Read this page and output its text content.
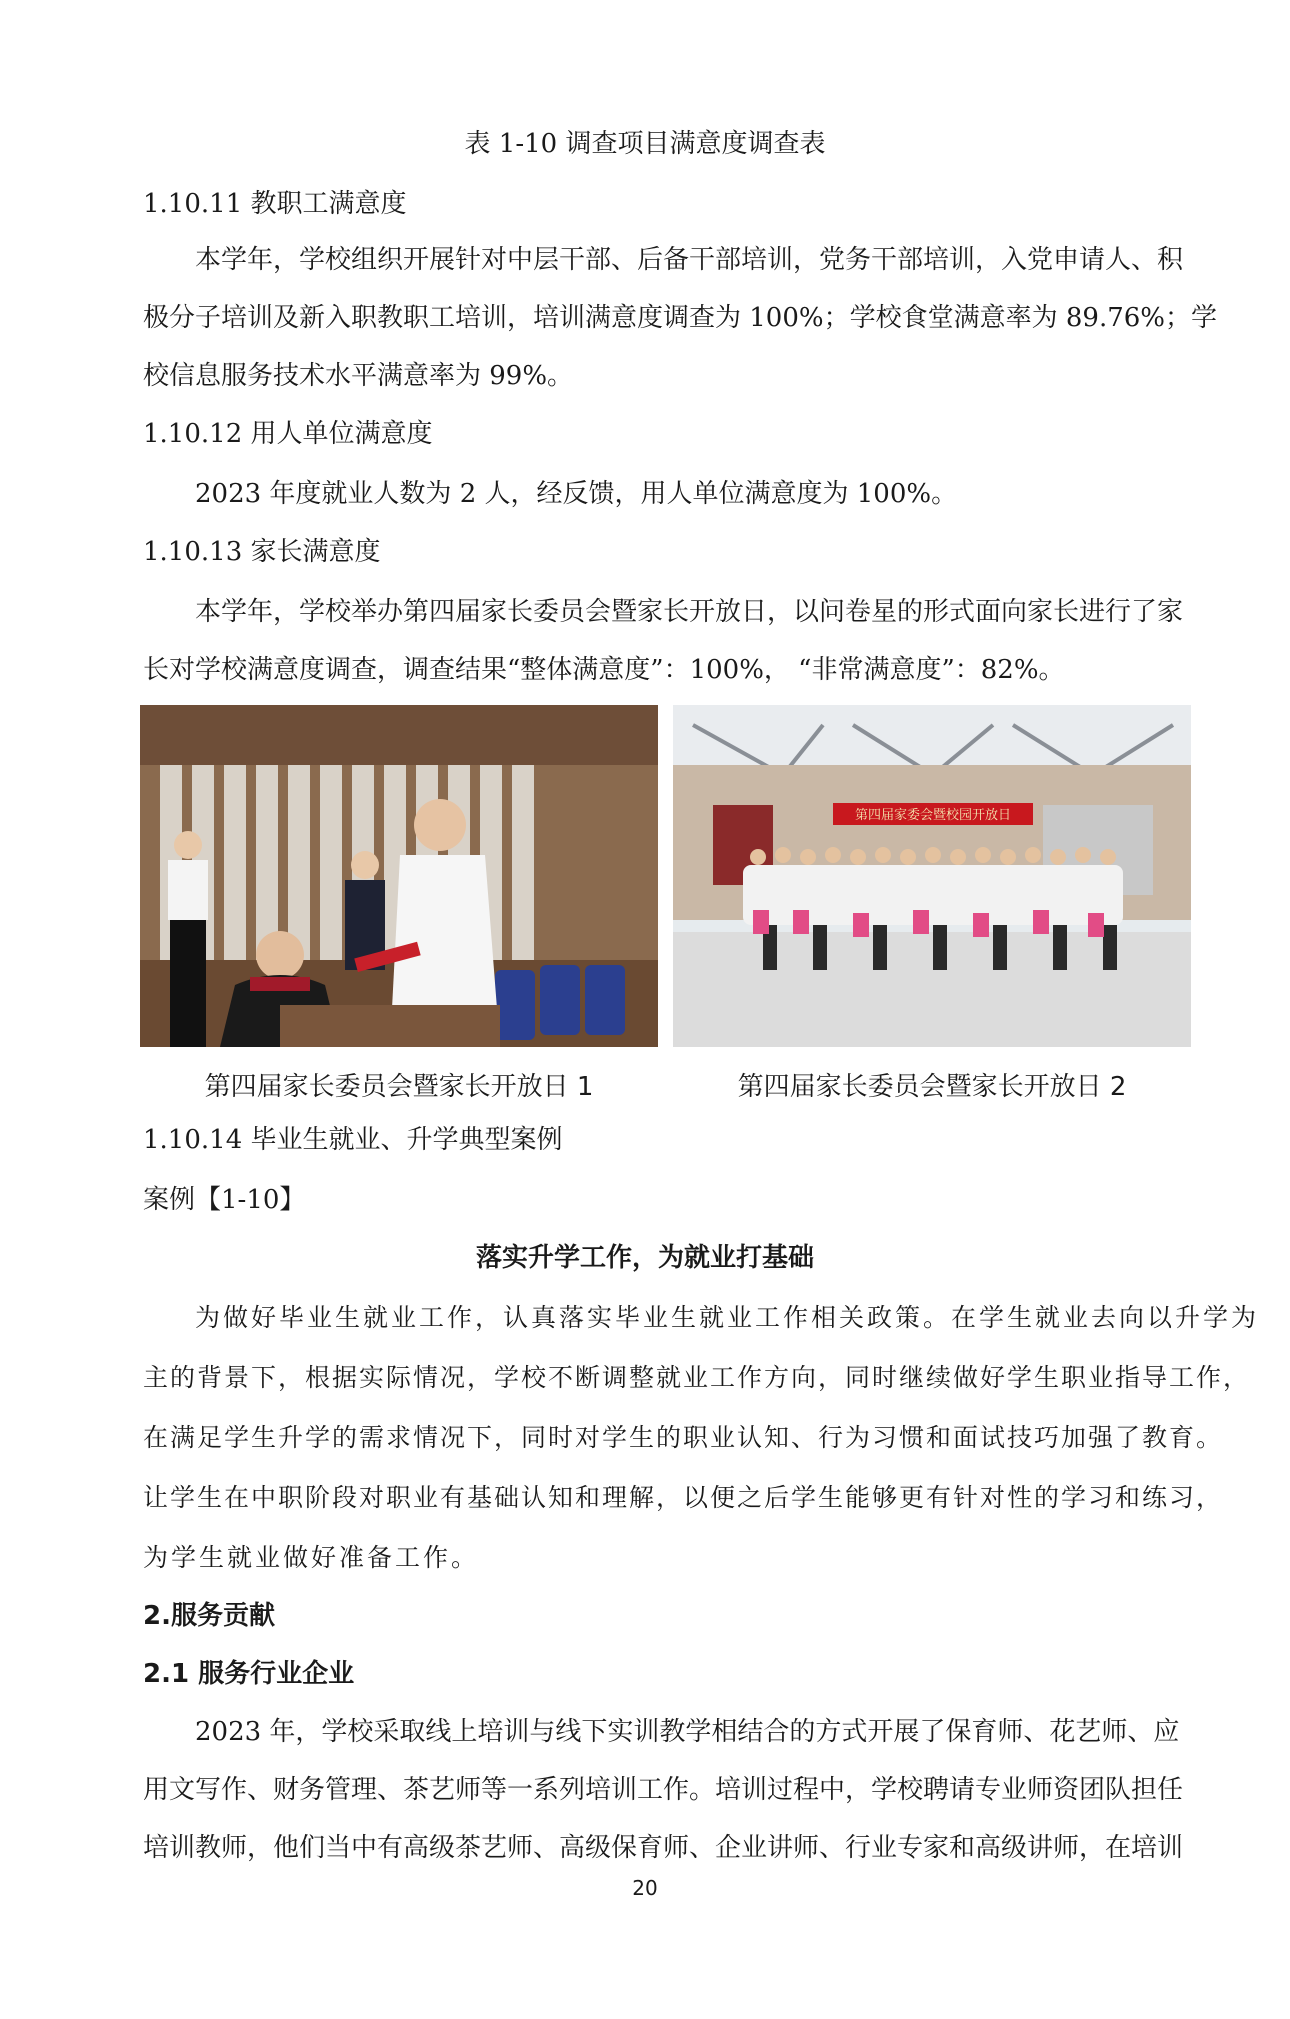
表 1-10 调查项目满意度调查表
1.10.11 教职工满意度
本学年，学校组织开展针对中层干部、后备干部培训，党务干部培训，入党申请人、积
极分子培训及新入职教职工培训，培训满意度调查为 100%；学校食堂满意率为 89.76%；学
校信息服务技术水平满意率为 99%。
1.10.12 用人单位满意度
2023 年度就业人数为 2 人，经反馈，用人单位满意度为 100%。
1.10.13 家长满意度
本学年，学校举办第四届家长委员会暨家长开放日，以问卷星的形式面向家长进行了家
长对学校满意度调查，调查结果“整体满意度”：100%， “非常满意度”：82%。
第四届家委会暨校园开放日
第四届家长委员会暨家长开放日 1	第四届家长委员会暨家长开放日 2
1.10.14 毕业生就业、升学典型案例
案例【1-10】
落实升学工作，为就业打基础
为做好毕业生就业工作，认真落实毕业生就业工作相关政策。在学生就业去向以升学为
主的背景下，根据实际情况，学校不断调整就业工作方向，同时继续做好学生职业指导工作，
在满足学生升学的需求情况下，同时对学生的职业认知、行为习惯和面试技巧加强了教育。
让学生在中职阶段对职业有基础认知和理解，以便之后学生能够更有针对性的学习和练习，
为学生就业做好准备工作。
2.服务贡献
2.1 服务行业企业
2023 年，学校采取线上培训与线下实训教学相结合的方式开展了保育师、花艺师、应
用文写作、财务管理、茶艺师等一系列培训工作。培训过程中，学校聘请专业师资团队担任
培训教师，他们当中有高级茶艺师、高级保育师、企业讲师、行业专家和高级讲师，在培训
20
